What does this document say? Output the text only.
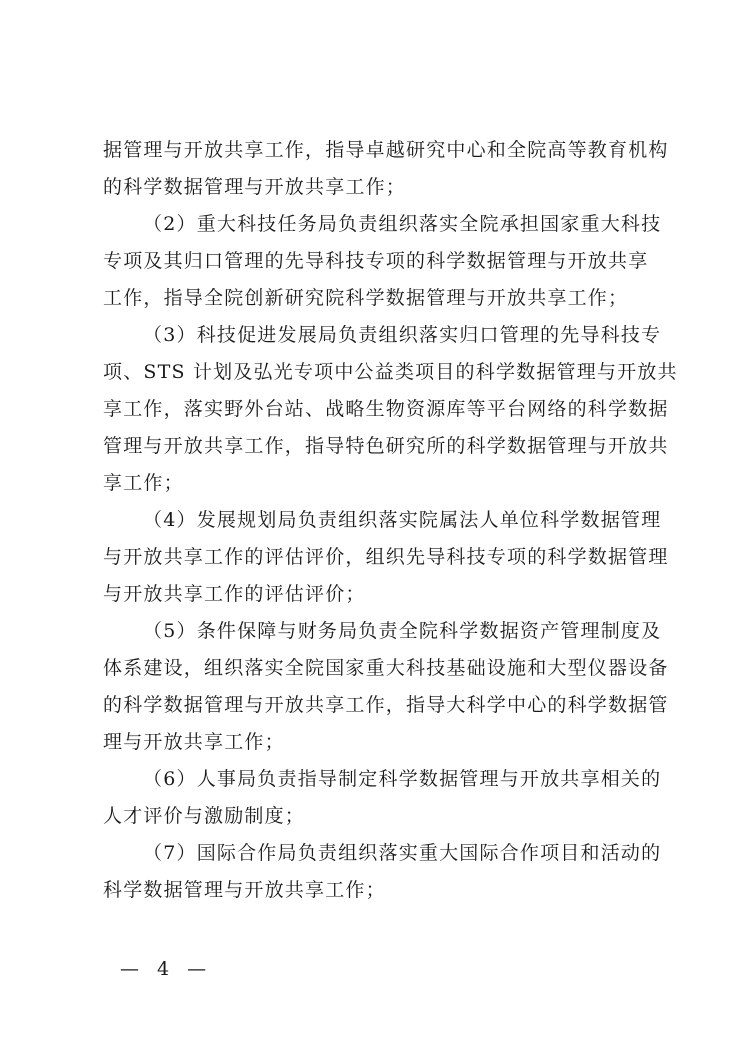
据管理与开放共享工作，指导卓越研究中心和全院高等教育机构
的科学数据管理与开放共享工作；
（2）重大科技任务局负责组织落实全院承担国家重大科技
专项及其归口管理的先导科技专项的科学数据管理与开放共享
工作，指导全院创新研究院科学数据管理与开放共享工作；
（3）科技促进发展局负责组织落实归口管理的先导科技专
项、STS 计划及弘光专项中公益类项目的科学数据管理与开放共
享工作，落实野外台站、战略生物资源库等平台网络的科学数据
管理与开放共享工作，指导特色研究所的科学数据管理与开放共
享工作；
（4）发展规划局负责组织落实院属法人单位科学数据管理
与开放共享工作的评估评价，组织先导科技专项的科学数据管理
与开放共享工作的评估评价；
（5）条件保障与财务局负责全院科学数据资产管理制度及
体系建设，组织落实全院国家重大科技基础设施和大型仪器设备
的科学数据管理与开放共享工作，指导大科学中心的科学数据管
理与开放共享工作；
（6）人事局负责指导制定科学数据管理与开放共享相关的
人才评价与激励制度；
（7）国际合作局负责组织落实重大国际合作项目和活动的
科学数据管理与开放共享工作；
— 4 —
